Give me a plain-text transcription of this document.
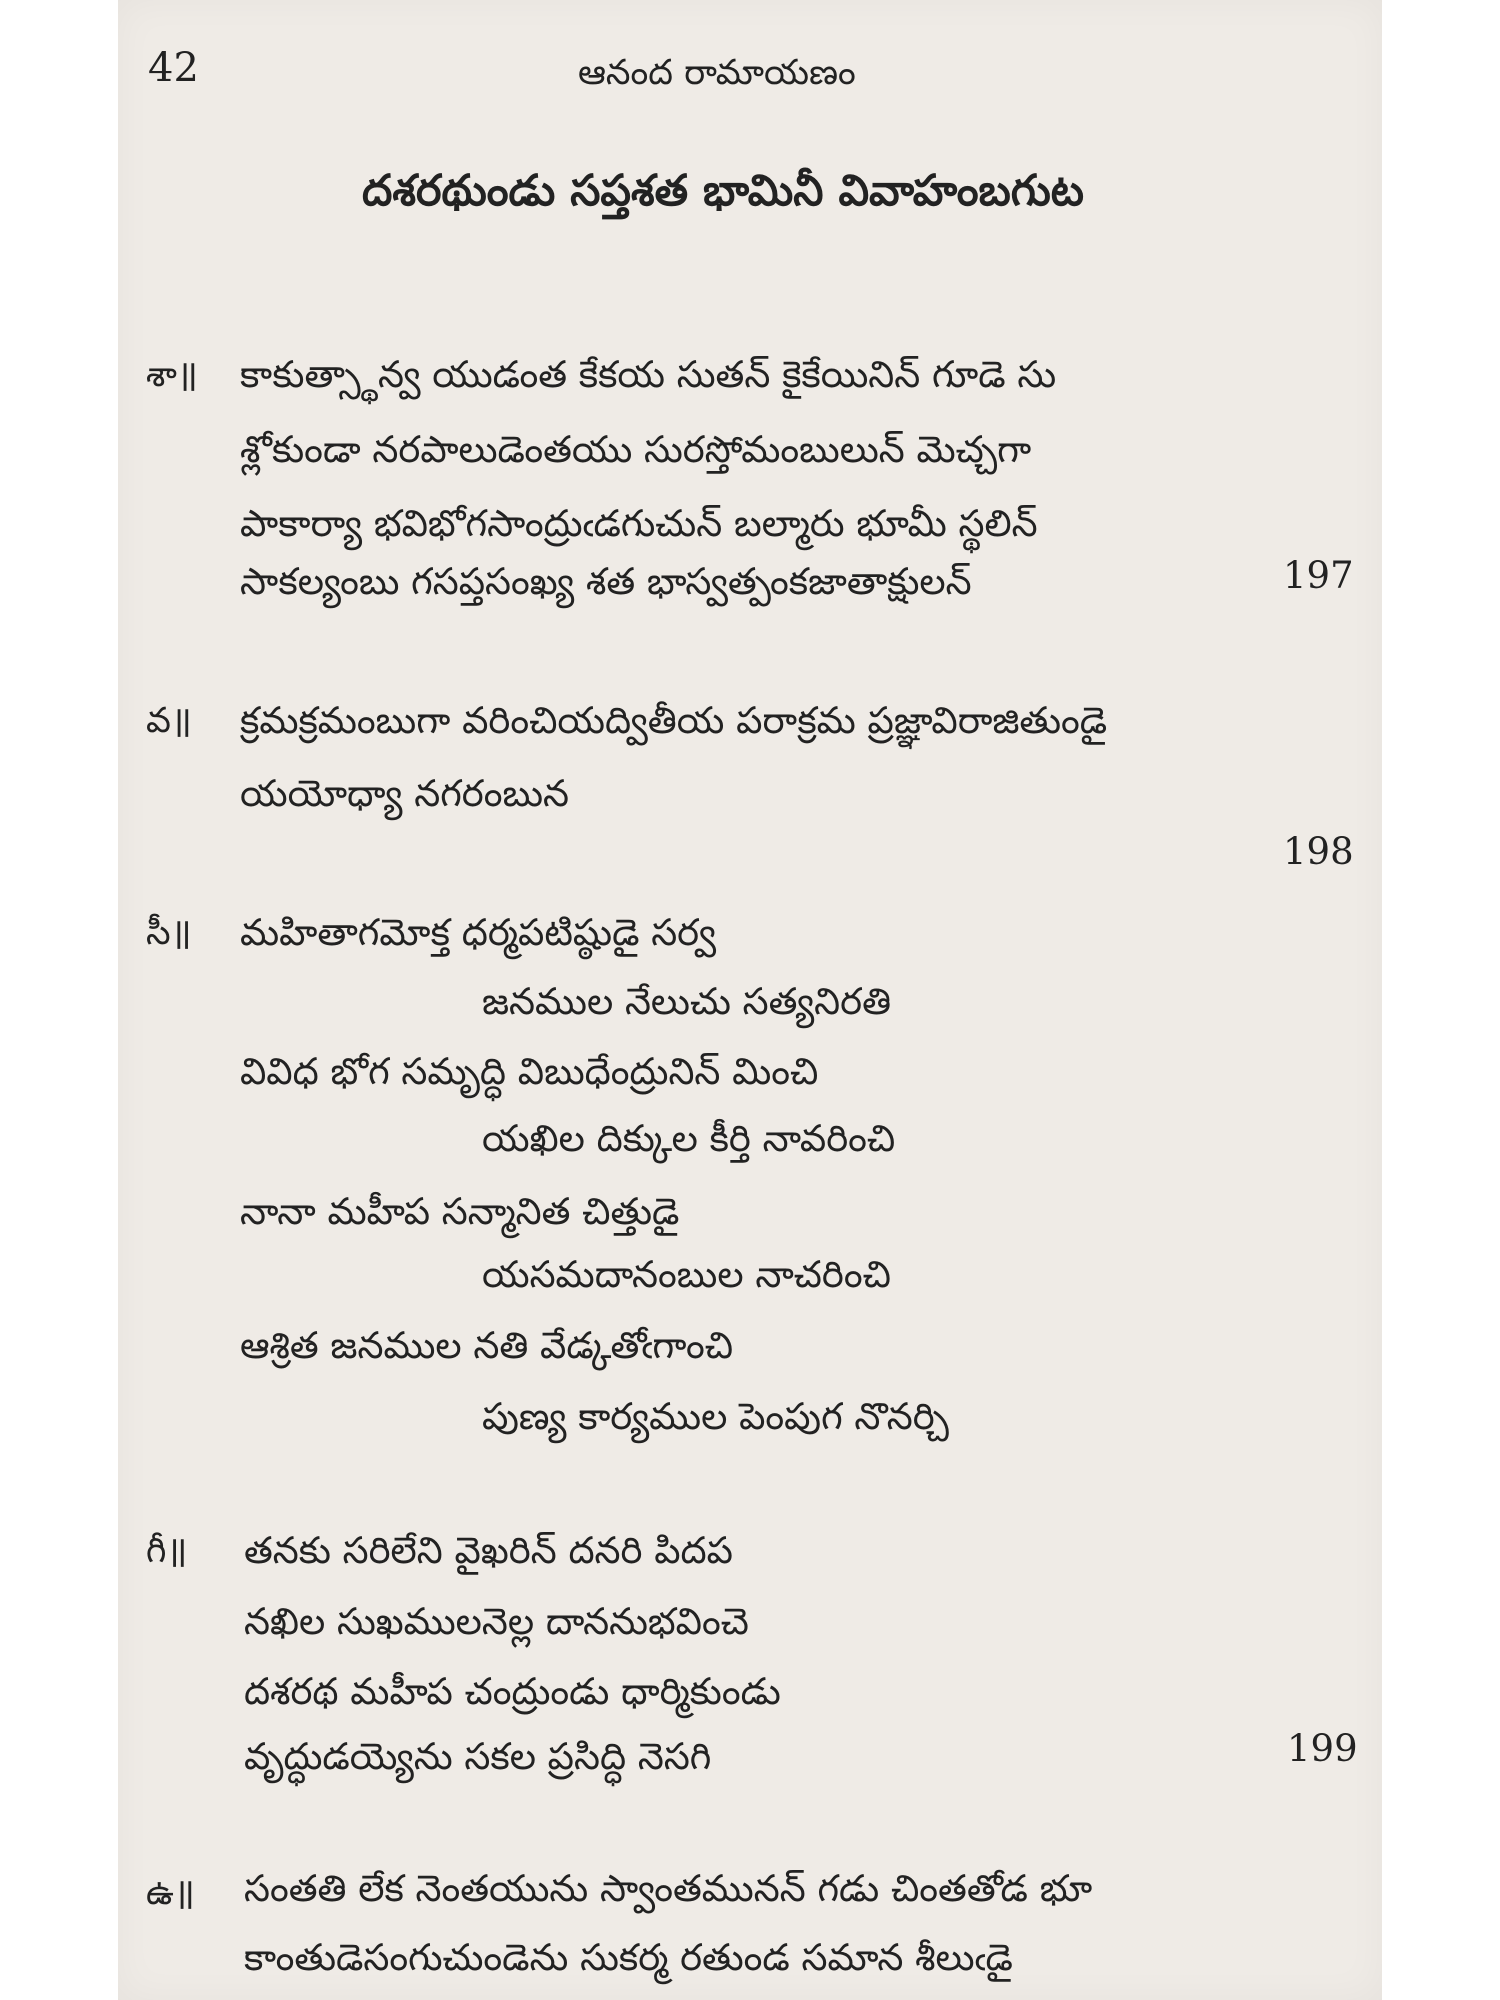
42	ఆనంద రామాయణం
దశరథుండు సప్తశత భామినీ వివాహంబగుట
శా॥ కాకుత్స్థాన్వ యుడంత కేకయ సుతన్ కైకేయినిన్ గూడె సు
శ్లోకుండా నరపాలుడెంతయు సురస్తోమంబులున్ మెచ్చగా
పాకార్యా భవిభోగసాంద్రుఁడగుచున్ బల్మారు భూమీ స్థలిన్
సాకల్యంబు గసప్తసంఖ్య శత భాస్వత్పంకజాతాక్షులన్	197
వ॥ క్రమక్రమంబుగా వరించియద్వితీయ పరాక్రమ ప్రజ్ఞావిరాజితుండై
యయోధ్యా నగరంబున
198
సీ॥ మహితాగమోక్త ధర్మపటిష్ఠుడై సర్వ
జనముల నేలుచు సత్యనిరతి
వివిధ భోగ సమృద్ధి విబుధేంద్రునిన్ మించి
యఖిల దిక్కుల కీర్తి నావరించి
నానా మహీప సన్మానిత చిత్తుడై
యసమదానంబుల నాచరించి
ఆశ్రిత జనముల నతి వేడ్కతోఁగాంచి
పుణ్య కార్యముల పెంపుగ నొనర్చి
గీ॥ తనకు సరిలేని వైఖరిన్ దనరి పిదప
నఖిల సుఖములనెల్ల దాననుభవించె
దశరథ మహీప చంద్రుండు ధార్మికుండు
వృద్ధుడయ్యెను సకల ప్రసిద్ధి నెసగి	199
ఉ॥ సంతతి లేక నెంతయును స్వాంతమునన్ గడు చింతతోడ భూ
కాంతుడెసంగుచుండెను సుకర్మ రతుండ సమాన శీలుఁడై
